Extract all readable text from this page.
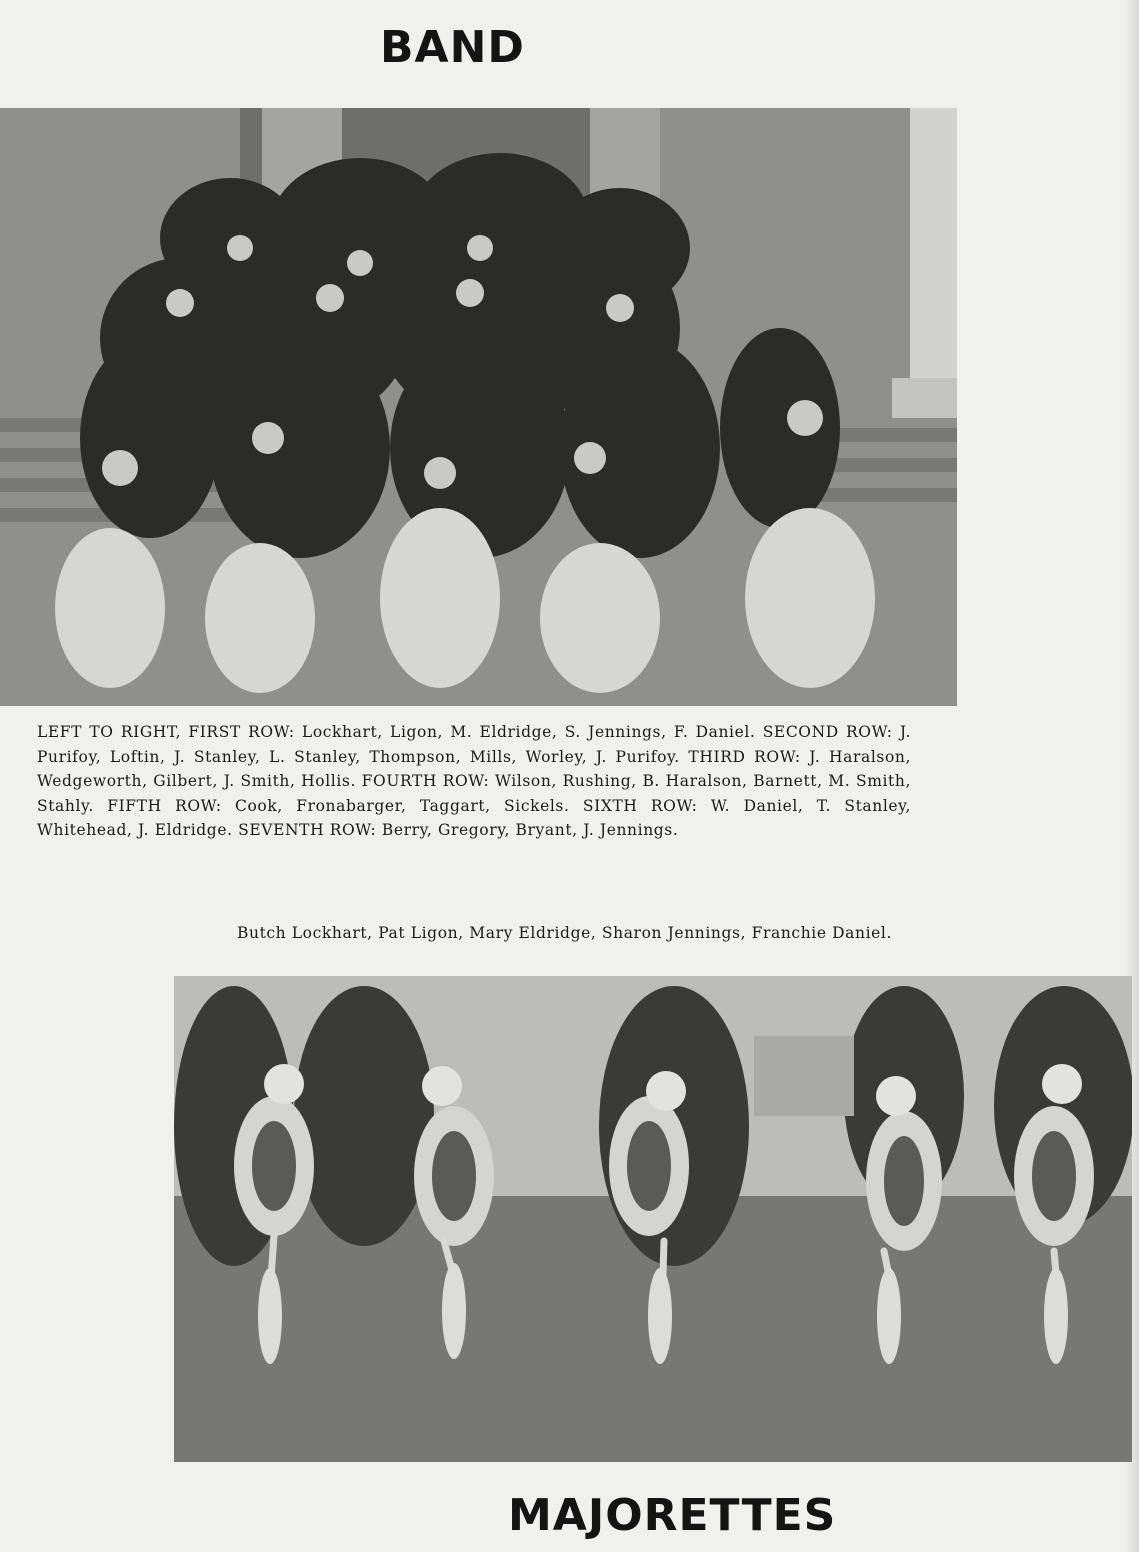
BAND

LEFT TO RIGHT, FIRST ROW: Lockhart, Ligon, M. Eldridge, S. Jennings, F. Daniel. SECOND ROW: J. Purifoy, Loftin, J. Stanley, L. Stanley, Thompson, Mills, Worley, J. Purifoy. THIRD ROW: J. Haralson, Wedgeworth, Gilbert, J. Smith, Hollis. FOURTH ROW: Wilson, Rushing, B. Haralson, Barnett, M. Smith, Stahly. FIFTH ROW: Cook, Fronabarger, Taggart, Sickels. SIXTH ROW: W. Daniel, T. Stanley, Whitehead, J. Eldridge. SEVENTH ROW: Berry, Gregory, Bryant, J. Jennings.

Butch Lockhart, Pat Ligon, Mary Eldridge, Sharon Jennings, Franchie Daniel.

MAJORETTES
